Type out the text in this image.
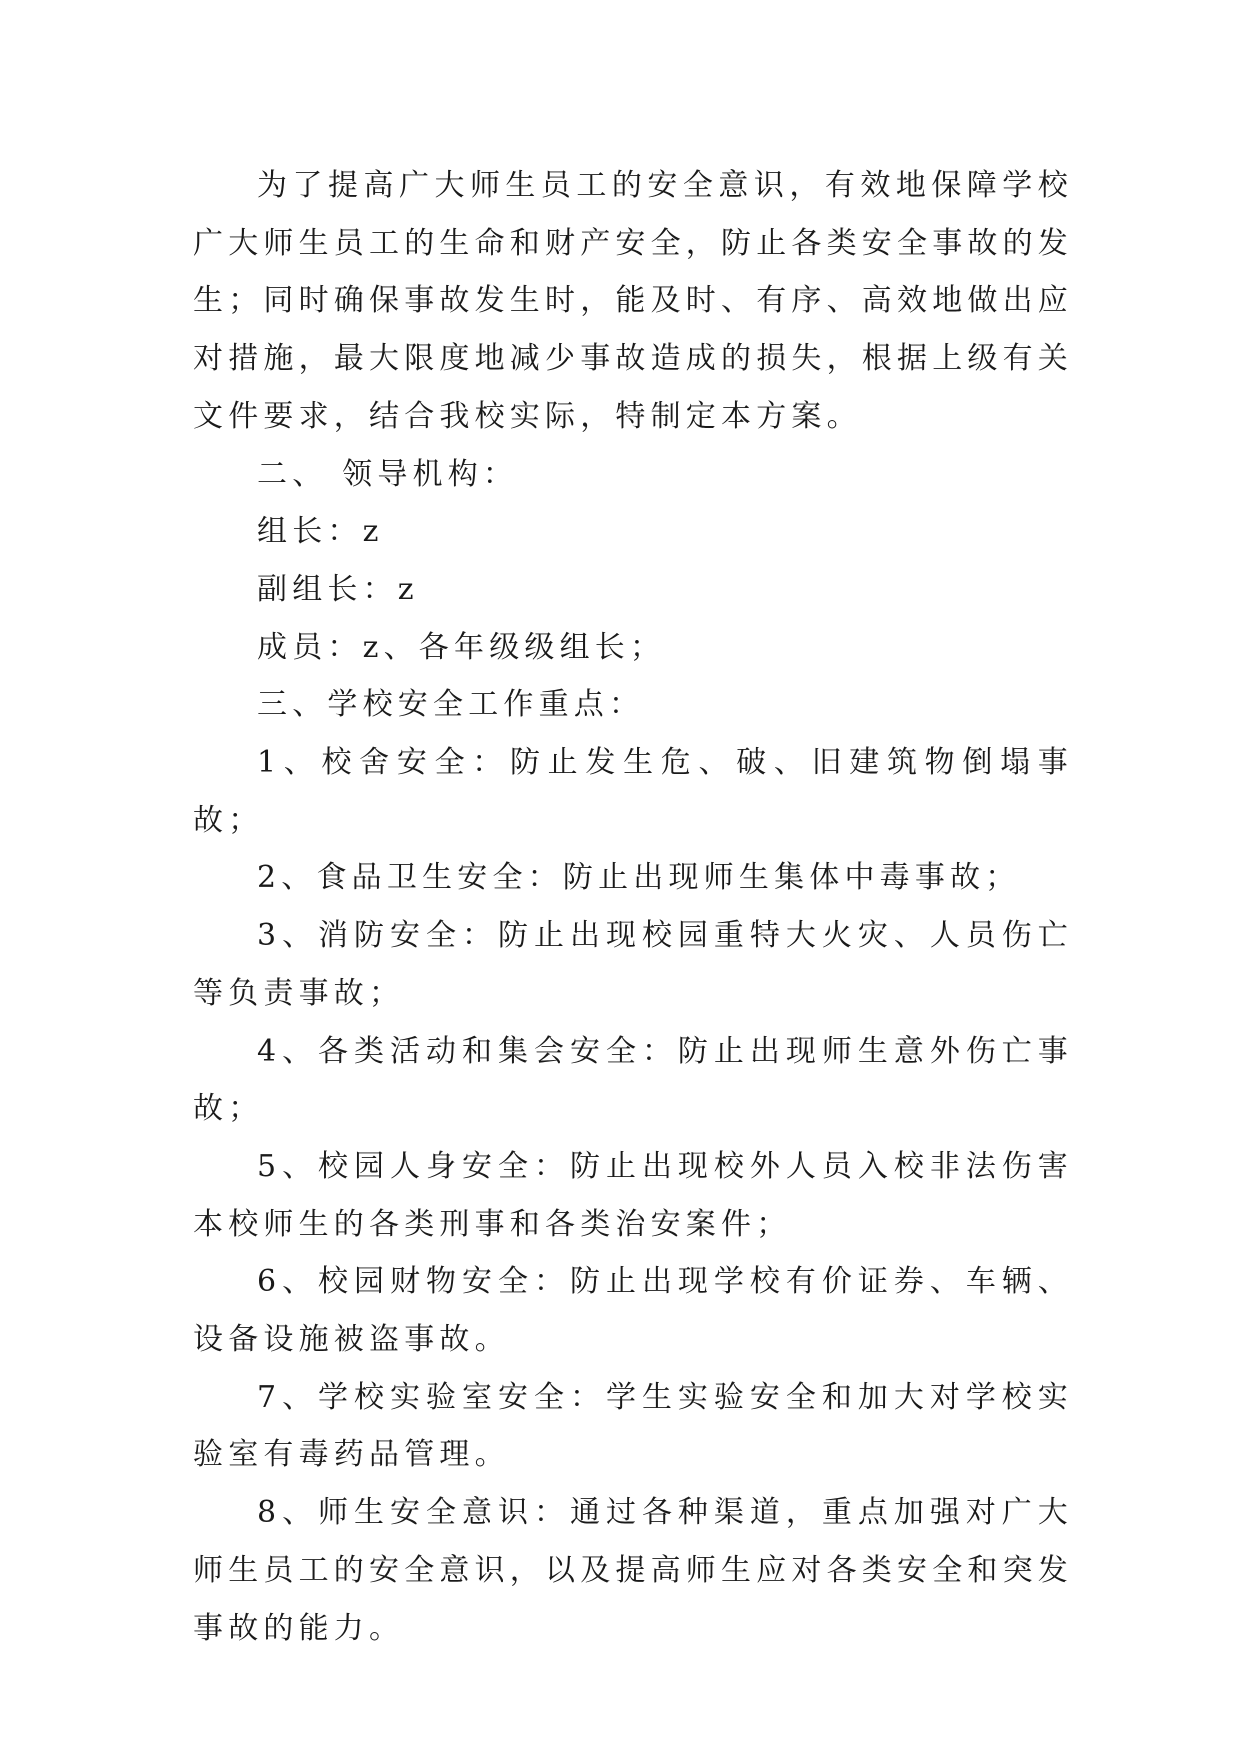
为了提高广大师生员工的安全意识，有效地保障学校广大师生员工的生命和财产安全，防止各类安全事故的发生；同时确保事故发生时，能及时、有序、高效地做出应对措施，最大限度地减少事故造成的损失，根据上级有关文件要求，结合我校实际，特制定本方案。

二、 领导机构：

组长：z

副组长：z

成员：z、各年级级组长；

三、学校安全工作重点：

1、校舍安全：防止发生危、破、旧建筑物倒塌事故；

2、食品卫生安全：防止出现师生集体中毒事故；

3、消防安全：防止出现校园重特大火灾、人员伤亡等负责事故；

4、各类活动和集会安全：防止出现师生意外伤亡事故；

5、校园人身安全：防止出现校外人员入校非法伤害本校师生的各类刑事和各类治安案件；

6、校园财物安全：防止出现学校有价证券、车辆、设备设施被盗事故。

7、学校实验室安全：学生实验安全和加大对学校实验室有毒药品管理。

8、师生安全意识：通过各种渠道，重点加强对广大师生员工的安全意识，以及提高师生应对各类安全和突发事故的能力。
